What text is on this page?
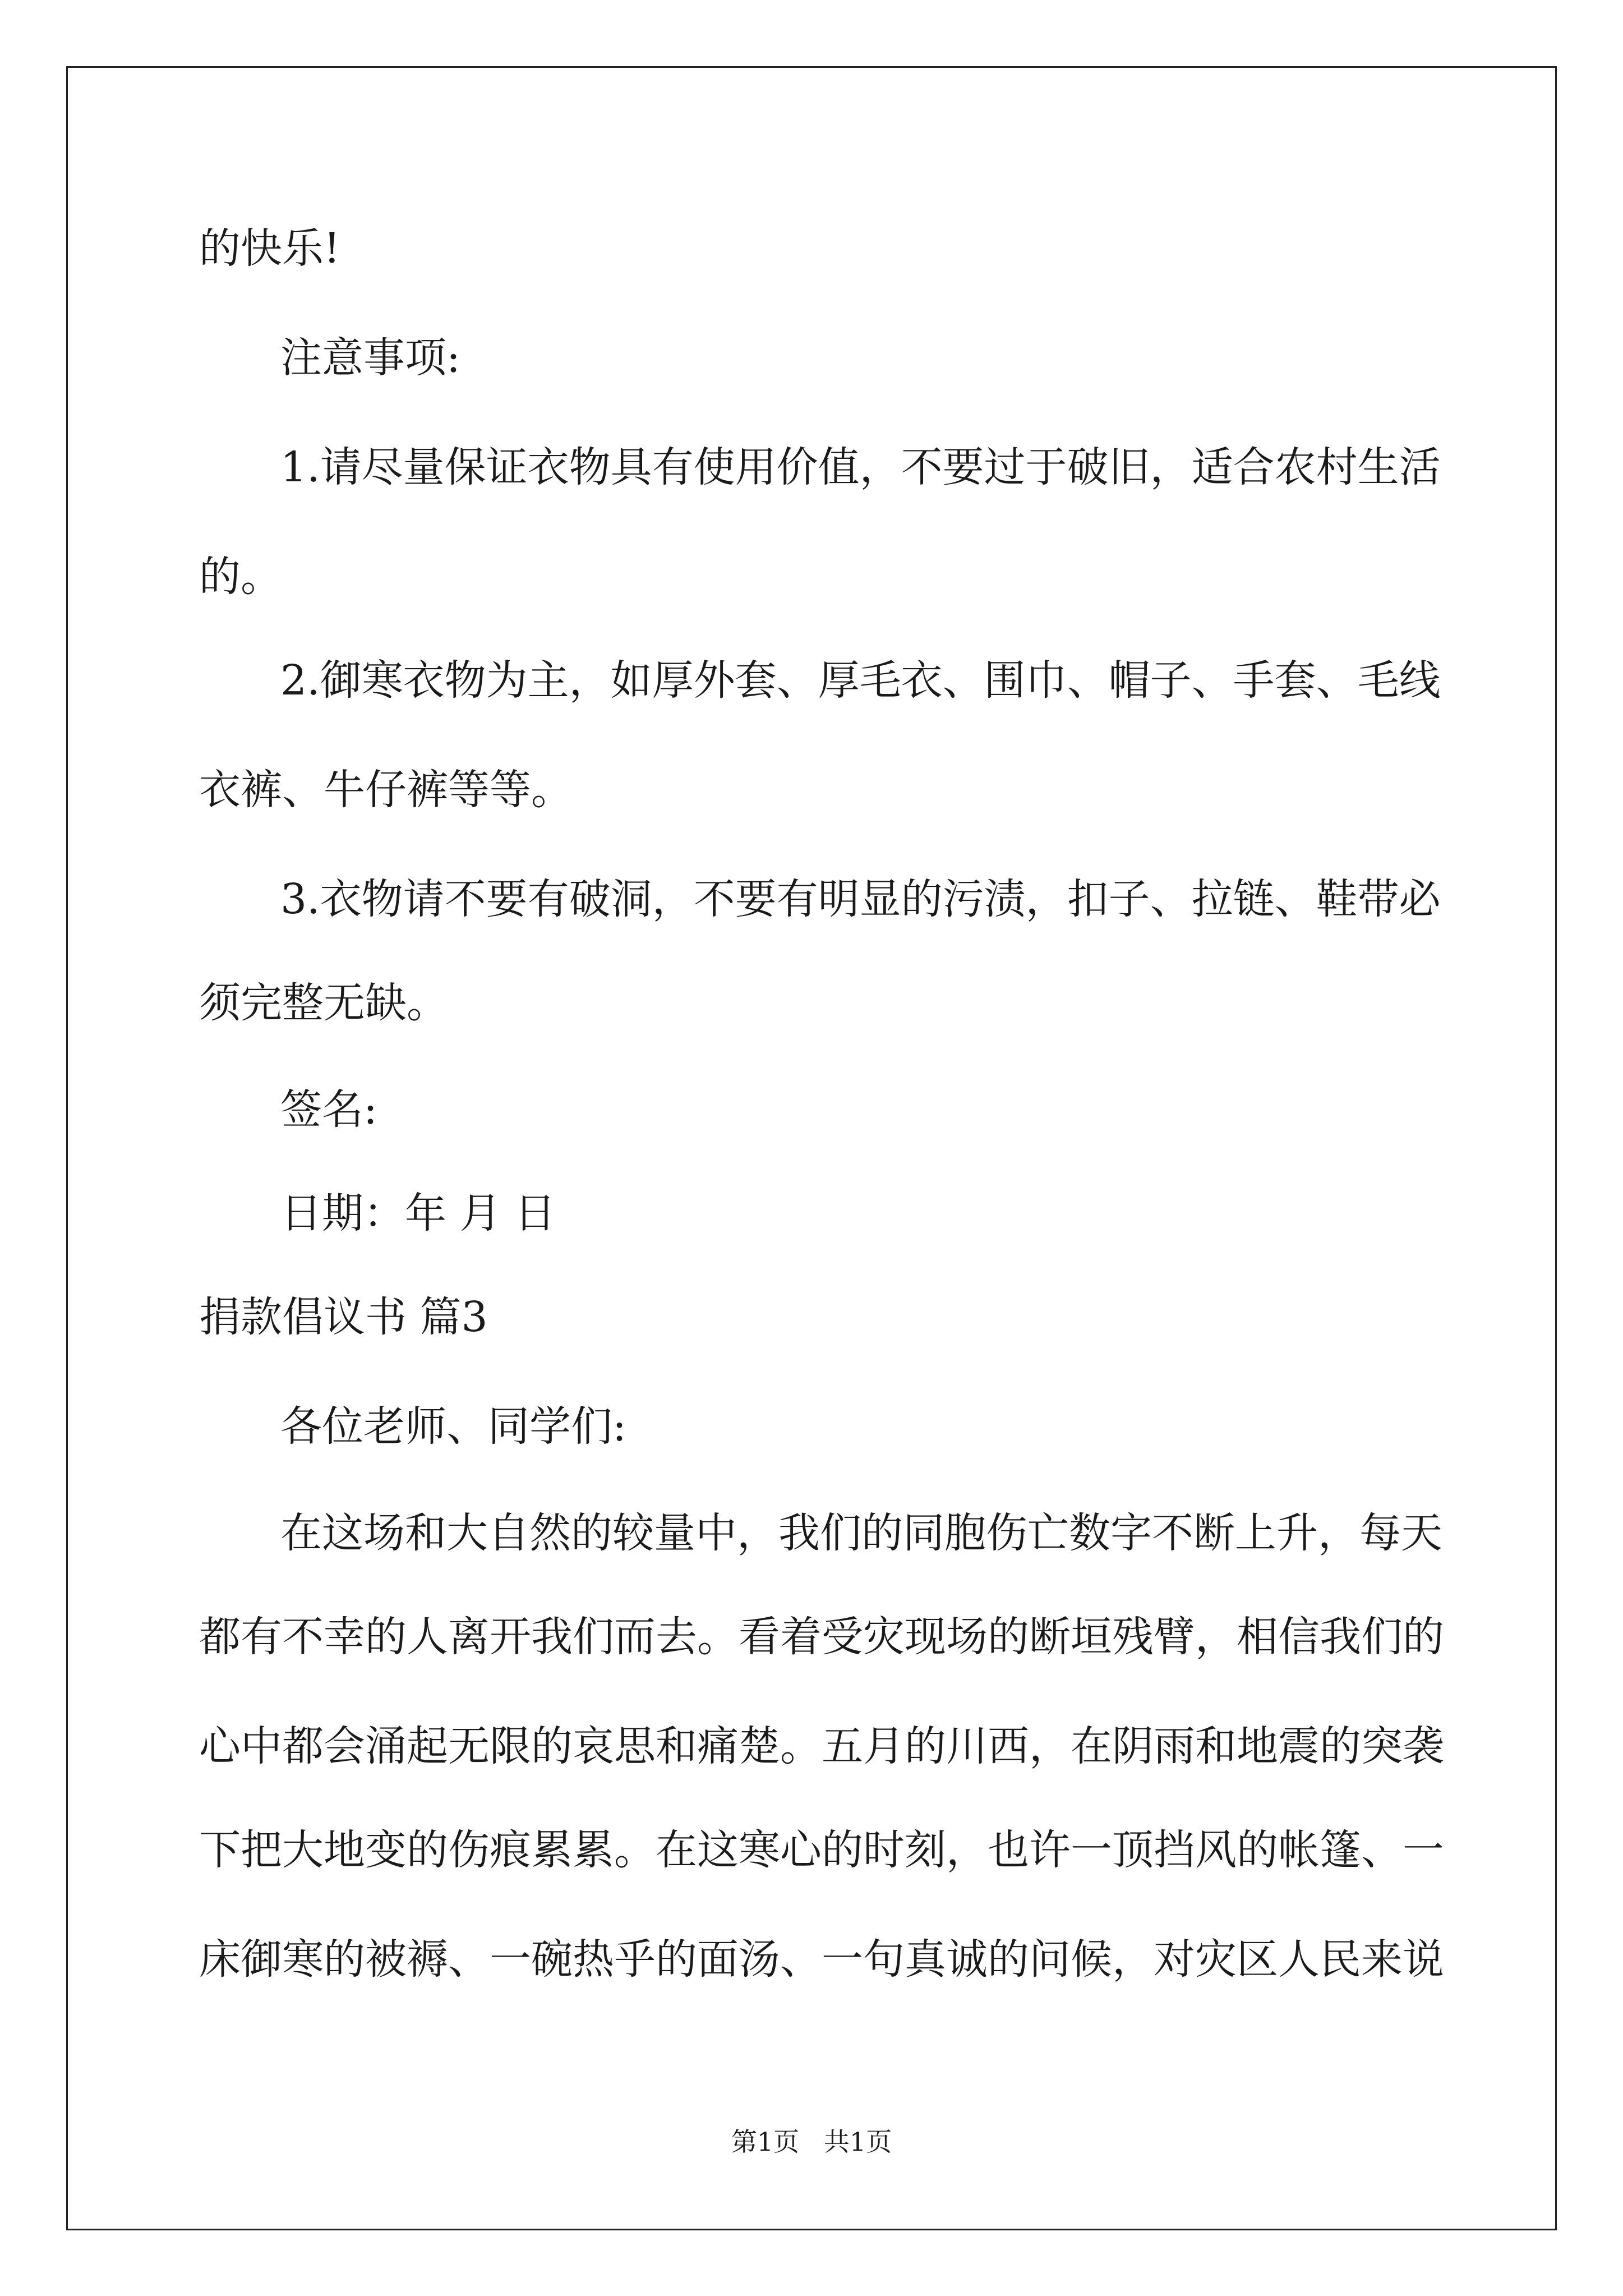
的快乐!
注意事项:
1.请尽量保证衣物具有使用价值，不要过于破旧，适合农村生活
的。
2.御寒衣物为主，如厚外套、厚毛衣、围巾、帽子、手套、毛线
衣裤、牛仔裤等等。
3.衣物请不要有破洞，不要有明显的污渍，扣子、拉链、鞋带必
须完整无缺。
签名:
日期：年 月 日
捐款倡议书 篇3
各位老师、同学们:
在这场和大自然的较量中，我们的同胞伤亡数字不断上升，每天
都有不幸的人离开我们而去。看着受灾现场的断垣残臂，相信我们的
心中都会涌起无限的哀思和痛楚。五月的川西，在阴雨和地震的突袭
下把大地变的伤痕累累。在这寒心的时刻，也许一顶挡风的帐篷、一
床御寒的被褥、一碗热乎的面汤、一句真诚的问候，对灾区人民来说
第1页   共1页
